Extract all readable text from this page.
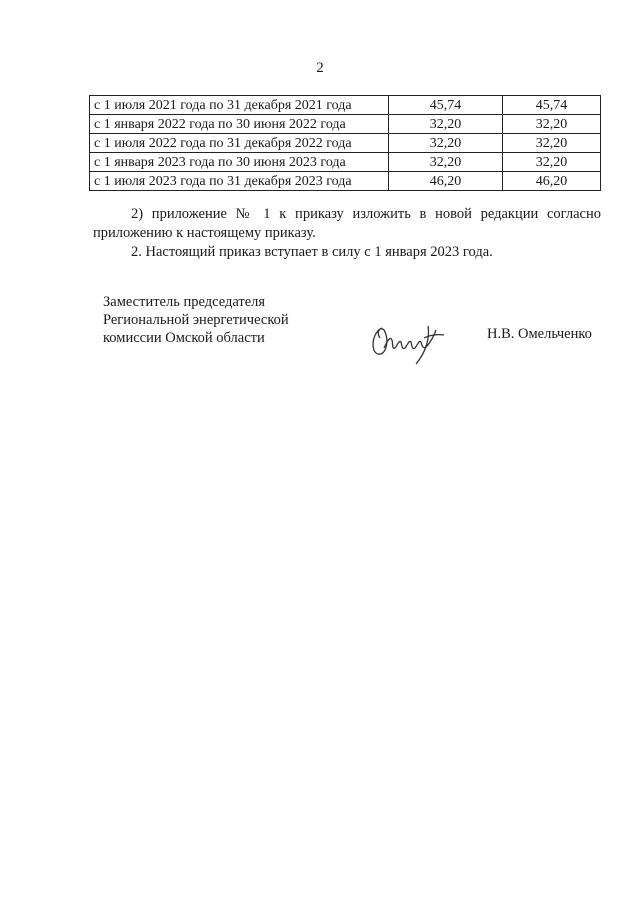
2
с 1 июля 2021 года по 31 декабря 2021 года	45,74	45,74
с 1 января 2022 года по 30 июня 2022 года	32,20	32,20
с 1 июля 2022 года по 31 декабря 2022 года	32,20	32,20
с 1 января 2023 года по 30 июня 2023 года	32,20	32,20
с 1 июля 2023 года по 31 декабря 2023 года	46,20	46,20
2) приложение № 1 к приказу изложить в новой редакции согласно приложению к настоящему приказу.
2. Настоящий приказ вступает в силу с 1 января 2023 года.
Заместитель председателя
Региональной энергетической
комиссии Омской области	Н.В. Омельченко
